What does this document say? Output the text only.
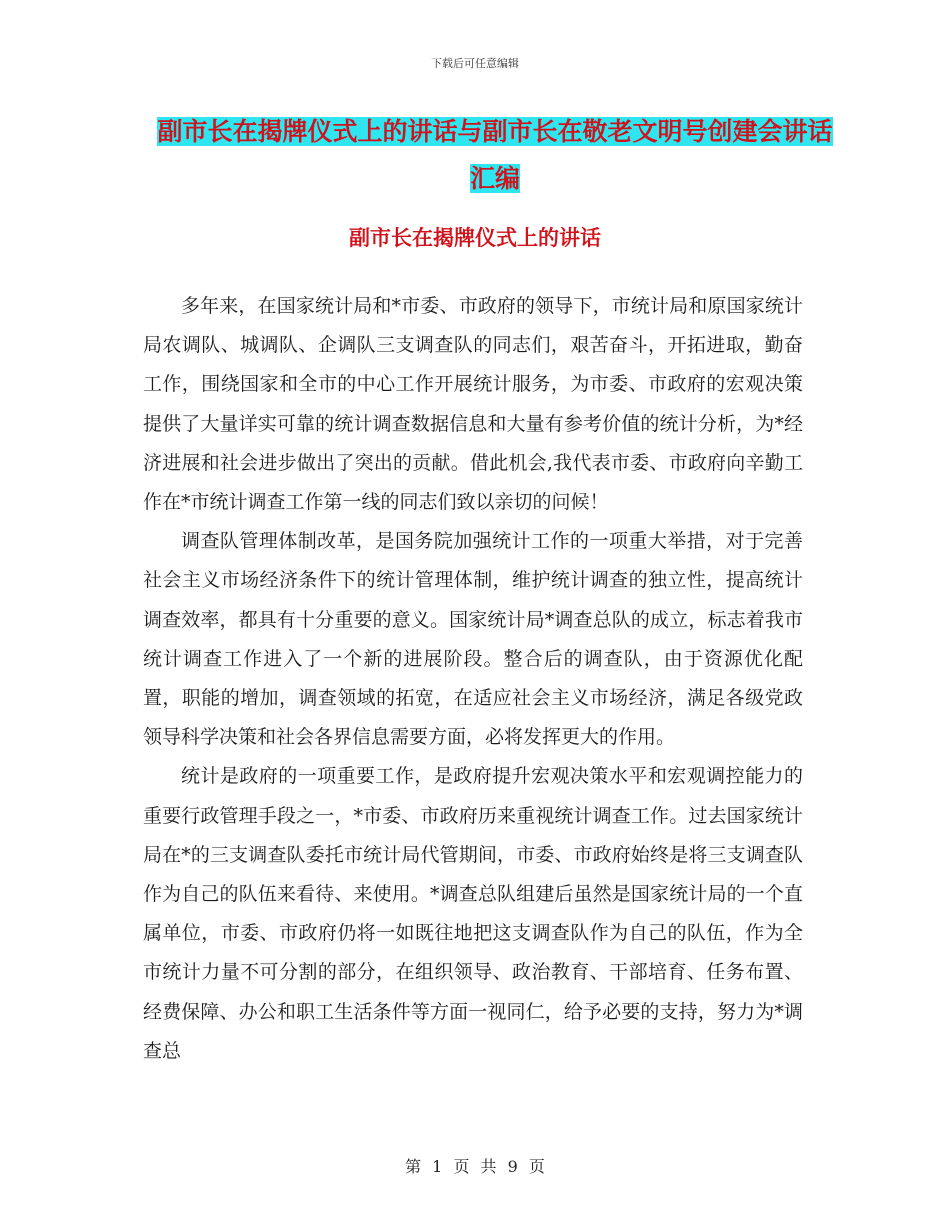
下载后可任意编辑
副市长在揭牌仪式上的讲话与副市长在敬老文明号创建会讲话汇编
副市长在揭牌仪式上的讲话

多年来，在国家统计局和*市委、市政府的领导下，市统计局和原国家统计局农调队、城调队、企调队三支调查队的同志们，艰苦奋斗，开拓进取，勤奋工作，围绕国家和全市的中心工作开展统计服务，为市委、市政府的宏观决策提供了大量详实可靠的统计调查数据信息和大量有参考价值的统计分析，为*经济进展和社会进步做出了突出的贡献。借此机会,我代表市委、市政府向辛勤工作在*市统计调查工作第一线的同志们致以亲切的问候！

调查队管理体制改革，是国务院加强统计工作的一项重大举措，对于完善社会主义市场经济条件下的统计管理体制，维护统计调查的独立性，提高统计调查效率，都具有十分重要的意义。国家统计局*调查总队的成立，标志着我市统计调查工作进入了一个新的进展阶段。整合后的调查队，由于资源优化配置，职能的增加，调查领域的拓宽，在适应社会主义市场经济，满足各级党政领导科学决策和社会各界信息需要方面，必将发挥更大的作用。

统计是政府的一项重要工作，是政府提升宏观决策水平和宏观调控能力的重要行政管理手段之一，*市委、市政府历来重视统计调查工作。过去国家统计局在*的三支调查队委托市统计局代管期间，市委、市政府始终是将三支调查队作为自己的队伍来看待、来使用。*调查总队组建后虽然是国家统计局的一个直属单位，市委、市政府仍将一如既往地把这支调查队作为自己的队伍，作为全市统计力量不可分割的部分，在组织领导、政治教育、干部培育、任务布置、经费保障、办公和职工生活条件等方面一视同仁，给予必要的支持，努力为*调查总

第 1 页 共 9 页
